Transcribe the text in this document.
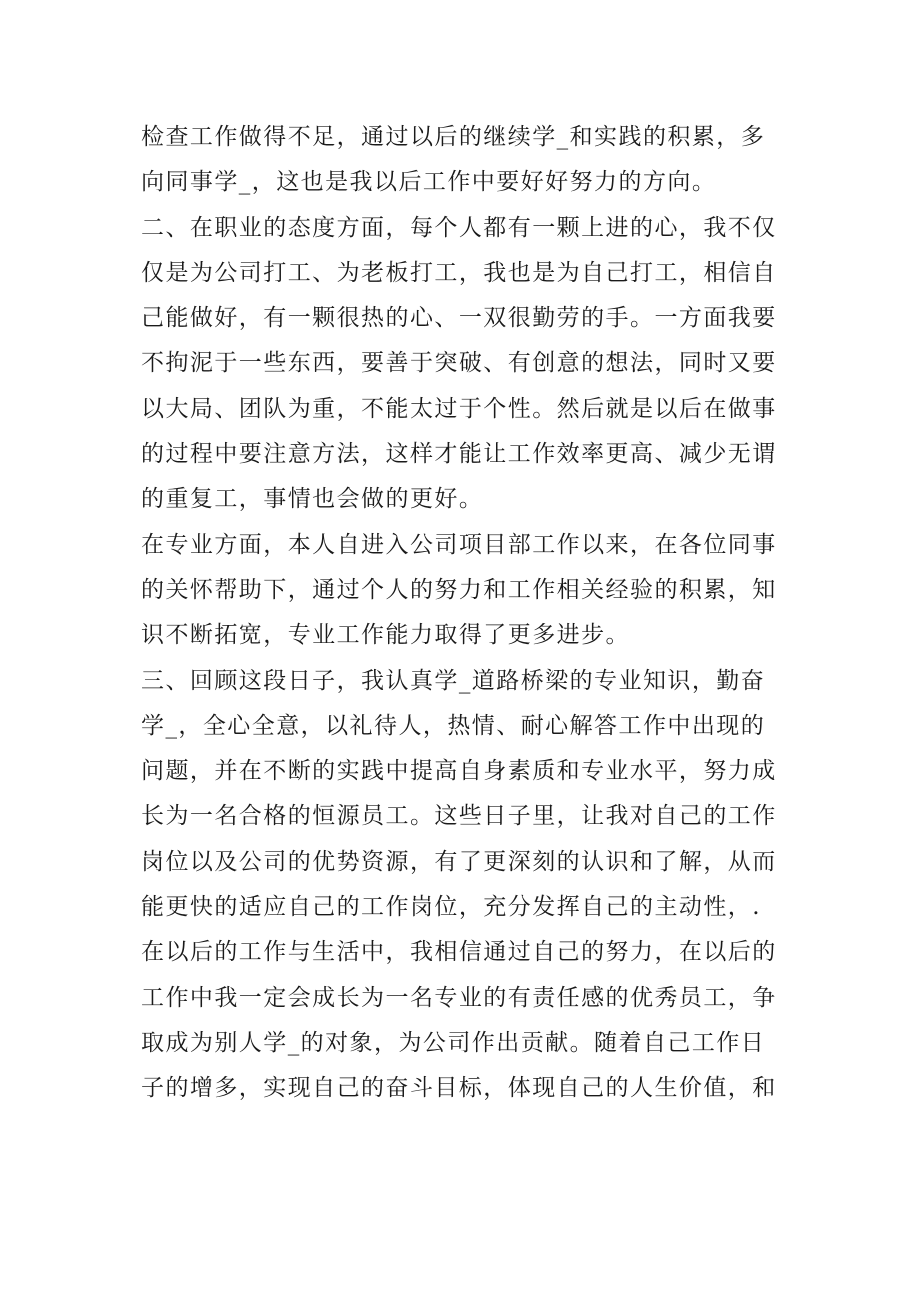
检查工作做得不足，通过以后的继续学_和实践的积累，多
向同事学_，这也是我以后工作中要好好努力的方向。
二、在职业的态度方面，每个人都有一颗上进的心，我不仅
仅是为公司打工、为老板打工，我也是为自己打工，相信自
己能做好，有一颗很热的心、一双很勤劳的手。一方面我要
不拘泥于一些东西，要善于突破、有创意的想法，同时又要
以大局、团队为重，不能太过于个性。然后就是以后在做事
的过程中要注意方法，这样才能让工作效率更高、减少无谓
的重复工，事情也会做的更好。
在专业方面，本人自进入公司项目部工作以来，在各位同事
的关怀帮助下，通过个人的努力和工作相关经验的积累，知
识不断拓宽，专业工作能力取得了更多进步。
三、回顾这段日子，我认真学_道路桥梁的专业知识，勤奋
学_，全心全意，以礼待人，热情、耐心解答工作中出现的
问题，并在不断的实践中提高自身素质和专业水平，努力成
长为一名合格的恒源员工。这些日子里，让我对自己的工作
岗位以及公司的优势资源，有了更深刻的认识和了解，从而
能更快的适应自己的工作岗位，充分发挥自己的主动性，.
在以后的工作与生活中，我相信通过自己的努力，在以后的
工作中我一定会成长为一名专业的有责任感的优秀员工，争
取成为别人学_的对象，为公司作出贡献。随着自己工作日
子的增多，实现自己的奋斗目标，体现自己的人生价值，和
